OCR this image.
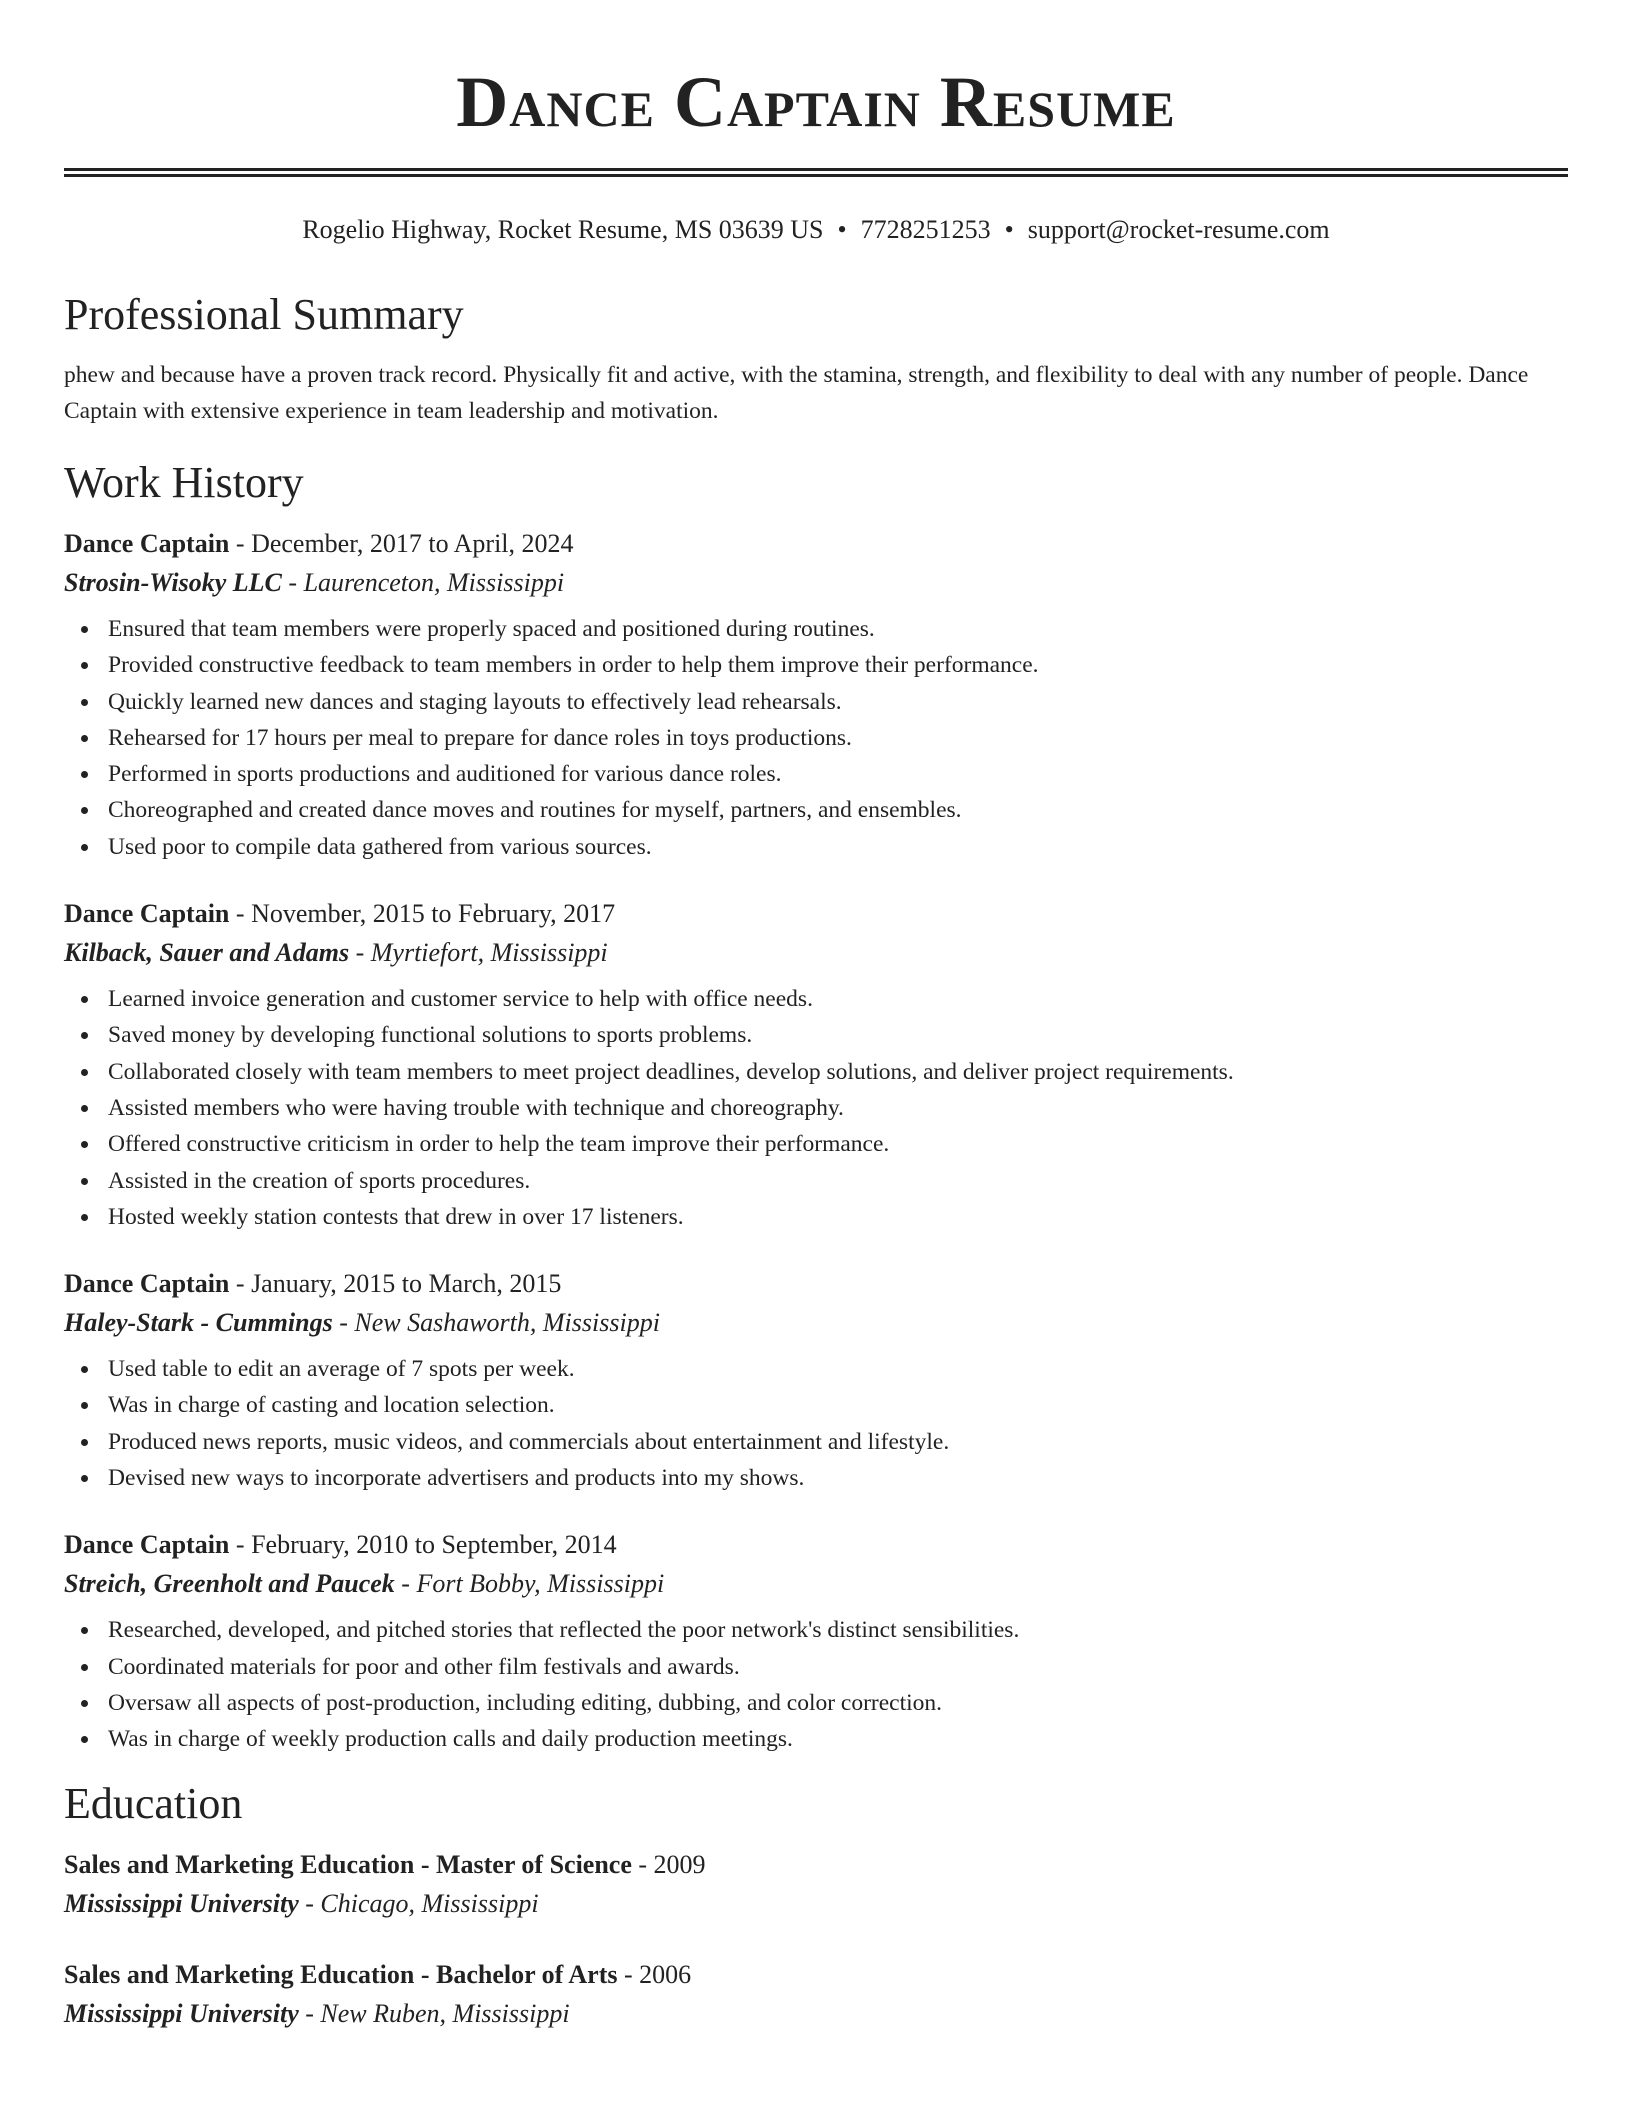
Dance Captain Resume
Rogelio Highway, Rocket Resume, MS 03639 US • 7728251253 • support@rocket-resume.com
Professional Summary
phew and because have a proven track record. Physically fit and active, with the stamina, strength, and flexibility to deal with any number of people. Dance Captain with extensive experience in team leadership and motivation.
Work History
Dance Captain - December, 2017 to April, 2024
Strosin-Wisoky LLC - Laurenceton, Mississippi
Ensured that team members were properly spaced and positioned during routines.
Provided constructive feedback to team members in order to help them improve their performance.
Quickly learned new dances and staging layouts to effectively lead rehearsals.
Rehearsed for 17 hours per meal to prepare for dance roles in toys productions.
Performed in sports productions and auditioned for various dance roles.
Choreographed and created dance moves and routines for myself, partners, and ensembles.
Used poor to compile data gathered from various sources.
Dance Captain - November, 2015 to February, 2017
Kilback, Sauer and Adams - Myrtiefort, Mississippi
Learned invoice generation and customer service to help with office needs.
Saved money by developing functional solutions to sports problems.
Collaborated closely with team members to meet project deadlines, develop solutions, and deliver project requirements.
Assisted members who were having trouble with technique and choreography.
Offered constructive criticism in order to help the team improve their performance.
Assisted in the creation of sports procedures.
Hosted weekly station contests that drew in over 17 listeners.
Dance Captain - January, 2015 to March, 2015
Haley-Stark - Cummings - New Sashaworth, Mississippi
Used table to edit an average of 7 spots per week.
Was in charge of casting and location selection.
Produced news reports, music videos, and commercials about entertainment and lifestyle.
Devised new ways to incorporate advertisers and products into my shows.
Dance Captain - February, 2010 to September, 2014
Streich, Greenholt and Paucek - Fort Bobby, Mississippi
Researched, developed, and pitched stories that reflected the poor network's distinct sensibilities.
Coordinated materials for poor and other film festivals and awards.
Oversaw all aspects of post-production, including editing, dubbing, and color correction.
Was in charge of weekly production calls and daily production meetings.
Education
Sales and Marketing Education - Master of Science - 2009
Mississippi University - Chicago, Mississippi
Sales and Marketing Education - Bachelor of Arts - 2006
Mississippi University - New Ruben, Mississippi
